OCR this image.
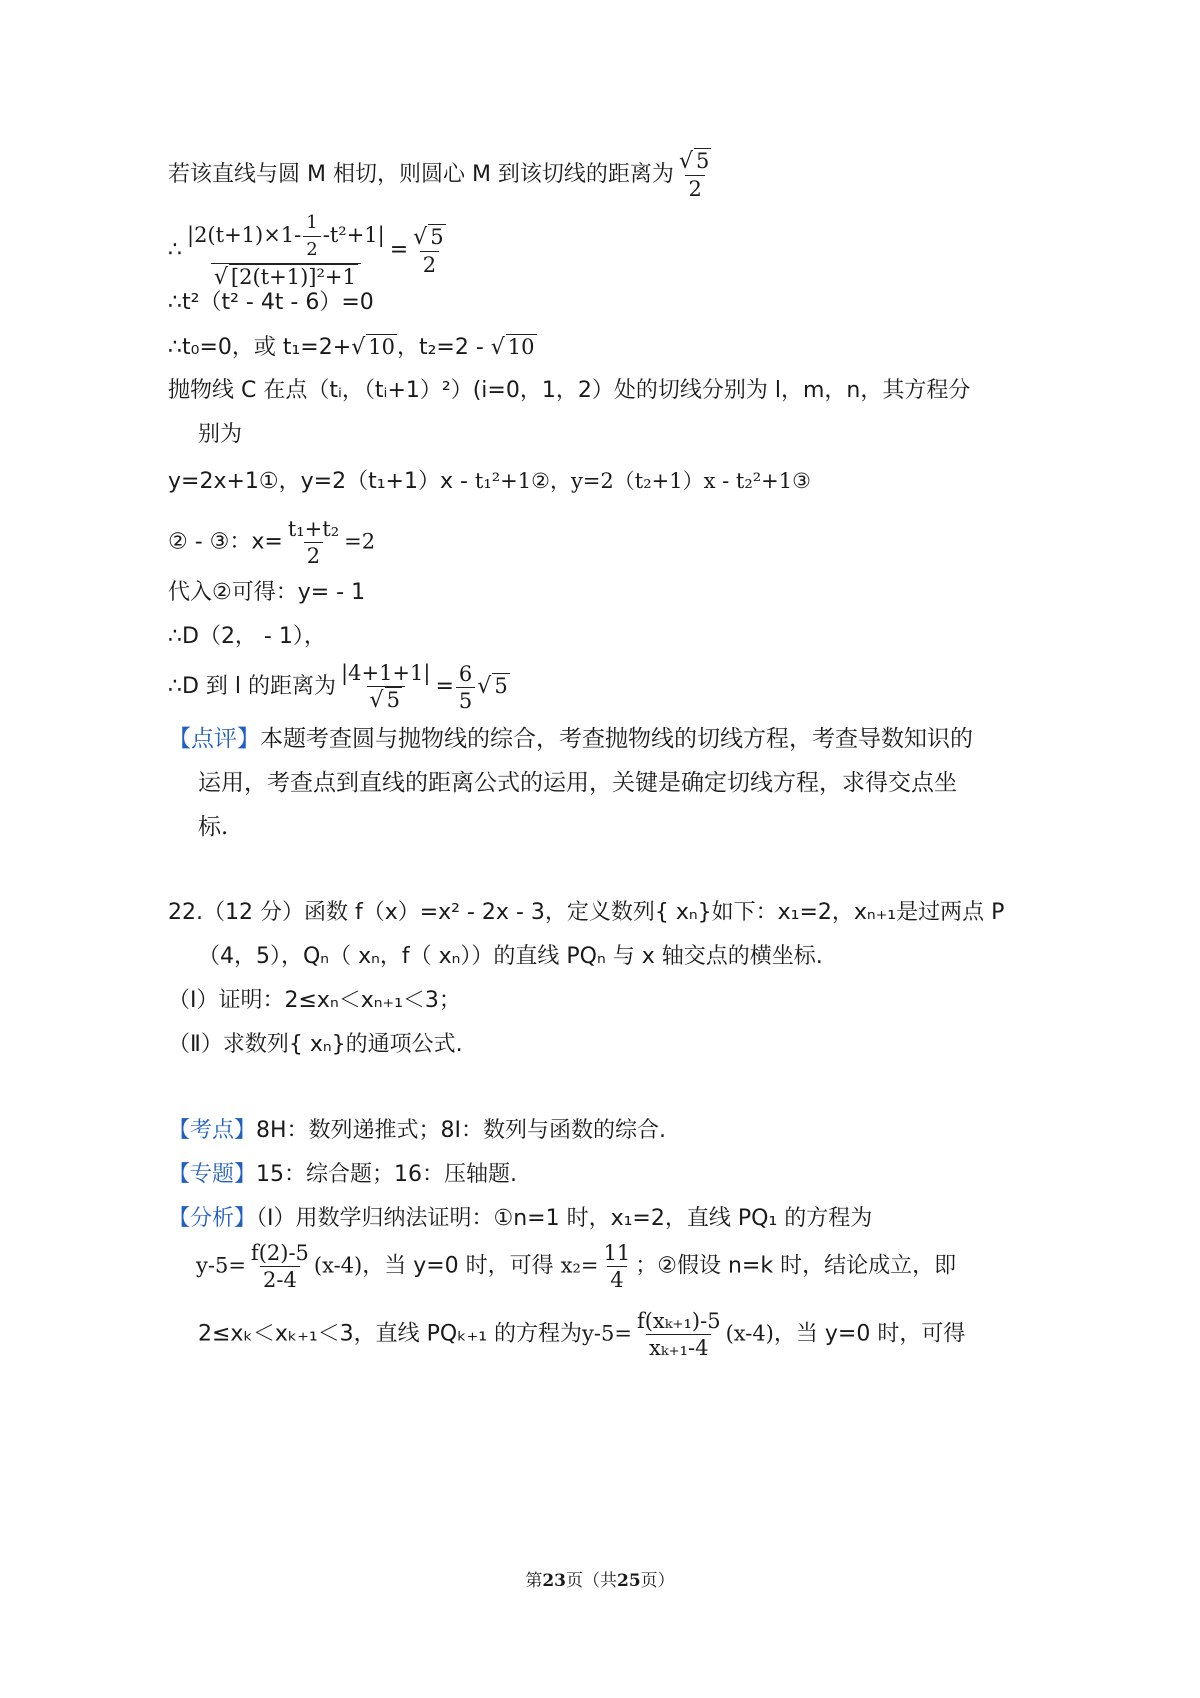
若该直线与圆 M 相切，则圆心 M 到该切线的距离为 $\frac{√ 5}{2}$
∴ $\frac{|2(t+1)\times 1- \frac{1}{2} -t^2+1|}{\text{√ [2(t+1)]²+1}} = \frac{√ 5}{2}$
∴t²（t² - 4t - 6）=0
∴t₀=0，或 t₁=2+√ 10，t₂=2 - √ 10
抛物线 C 在点（tᵢ，（tᵢ+1）²）(i=0，1，2）处的切线分别为 l，m，n，其方程分
别为
y=2x+1①，y=2（t₁+1）x - t₁²+1②，y=2（t₂+1）x - t₂²+1③
② - ③：$x= \frac{\text{t₁+t₂}}{2} =2$
代入②可得：y= - 1
∴D（2， - 1），
∴D 到 l 的距离为 $\frac{|4+1+1|}{√ 5} = \frac{6}{5}$ √ 5
【点评】本题考查圆与抛物线的综合，考查抛物线的切线方程，考查导数知识的
运用，考查点到直线的距离公式的运用，关键是确定切线方程，求得交点坐
标.
22.（12 分）函数 f（x）=x² - 2x - 3，定义数列{ xₙ}如下：x₁=2，xₙ₊₁是过两点 P
（4，5），Qₙ（ xₙ，f（ xₙ））的直线 PQₙ 与 x 轴交点的横坐标.
（Ⅰ）证明：2≤xₙ＜xₙ₊₁＜3；
（Ⅱ）求数列{ xₙ}的通项公式.
【考点】8H：数列递推式；8I：数列与函数的综合.
【专题】15：综合题；16：压轴题.
【分析】（Ⅰ）用数学归纳法证明：①n=1 时，x₁=2，直线 PQ₁ 的方程为
$y-5= \frac{f(2)-5}{2-4} (x-4)$，当 y=0 时，可得 $x_2= \frac{11}{4}$ ；②假设 n=k 时，结论成立，即
2≤xₖ＜xₖ₊₁＜3，直线 PQₖ₊₁ 的方程为$y-5= \frac{\text{f(xₖ₊₁)-5}}{\text{xₖ₊₁-4}} (x-4)$，当 y=0 时，可得
第23页（共25页）
